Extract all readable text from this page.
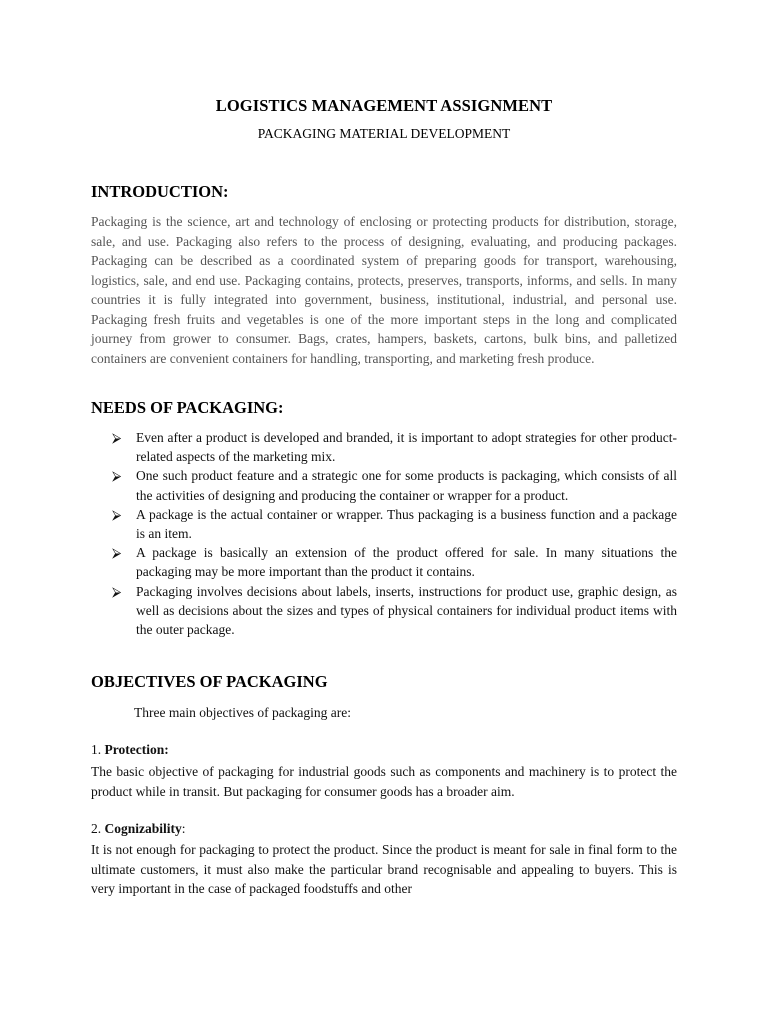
LOGISTICS MANAGEMENT ASSIGNMENT
PACKAGING MATERIAL DEVELOPMENT
INTRODUCTION:
Packaging is the science, art and technology of enclosing or protecting products for distribution, storage, sale, and use. Packaging also refers to the process of designing, evaluating, and producing packages. Packaging can be described as a coordinated system of preparing goods for transport, warehousing, logistics, sale, and end use. Packaging contains, protects, preserves, transports, informs, and sells. In many countries it is fully integrated into government, business, institutional, industrial, and personal use. Packaging fresh fruits and vegetables is one of the more important steps in the long and complicated journey from grower to consumer. Bags, crates, hampers, baskets, cartons, bulk bins, and palletized containers are convenient containers for handling, transporting, and marketing fresh produce.
NEEDS OF PACKAGING:
⮚ Even after a product is developed and branded, it is important to adopt strategies for other product-related aspects of the marketing mix.
⮚ One such product feature and a strategic one for some products is packaging, which consists of all the activities of designing and producing the container or wrapper for a product.
⮚ A package is the actual container or wrapper. Thus packaging is a business function and a package is an item.
⮚ A package is basically an extension of the product offered for sale. In many situations the packaging may be more important than the product it contains.
⮚ Packaging involves decisions about labels, inserts, instructions for product use, graphic design, as well as decisions about the sizes and types of physical containers for individual product items with the outer package.
OBJECTIVES OF PACKAGING
Three main objectives of packaging are:
1. Protection:
The basic objective of packaging for industrial goods such as components and machinery is to protect the product while in transit. But packaging for consumer goods has a broader aim.
2. Cognizability:
It is not enough for packaging to protect the product. Since the product is meant for sale in final form to the ultimate customers, it must also make the particular brand recognisable and appealing to buyers. This is very important in the case of packaged foodstuffs and other
